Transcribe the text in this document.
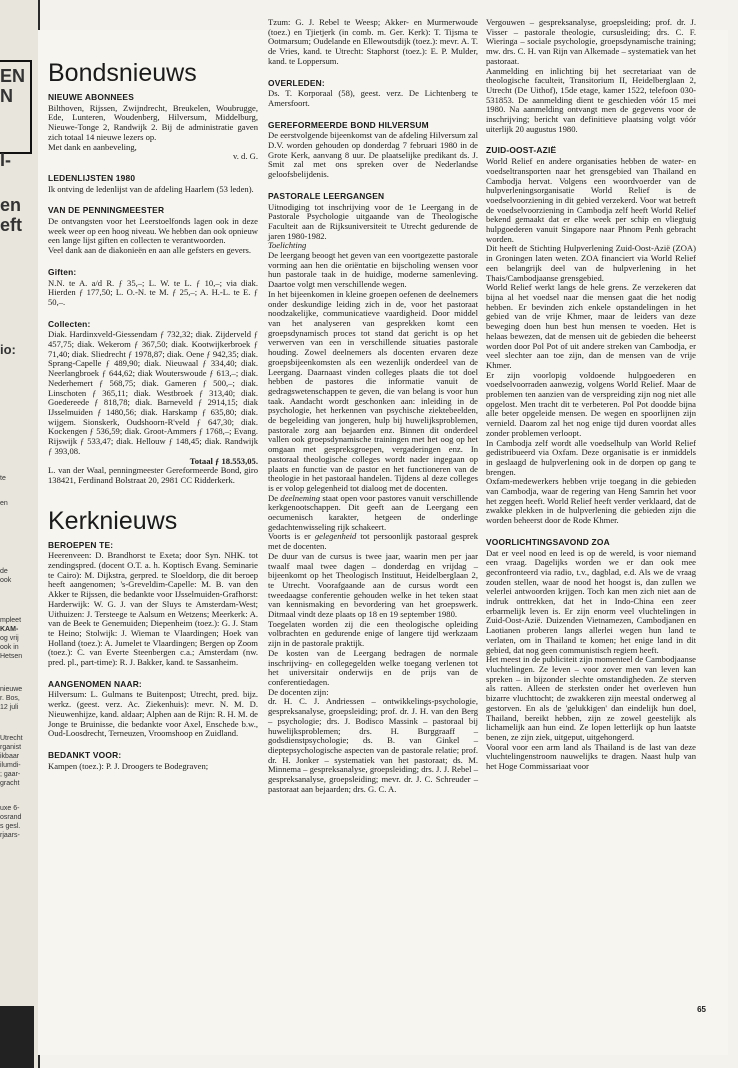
EN
N
I-
en
eft
io:
te
en
de
ook
mpleet
KAM-
og vrij
ook in
Hetsen
nieuwe
r. Bos,
12 juli
Utrecht
rganist
ikbaar
ilumdi-
; gaar-
gracht
uxe 6-
osrand
s gesl.
rjaars-
Bondsnieuws
NIEUWE ABONNEES

Bilthoven, Rijssen, Zwijndrecht, Breukelen, Woubrugge, Ede, Lunteren, Woudenberg, Hilversum, Middelburg, Nieuwe-Tonge 2, Randwijk 2. Bij de administratie gaven zich totaal 14 nieuwe lezers op.

Met dank en aanbeveling,

v. d. G.

LEDENLIJSTEN 1980

Ik ontving de ledenlijst van de afdeling Haarlem (53 leden).

VAN DE PENNINGMEESTER

De ontvangsten voor het Leerstoelfonds lagen ook in deze week weer op een hoog niveau. We hebben dan ook opnieuw een lange lijst giften en collecten te verantwoorden.

Veel dank aan de diakonieën en aan alle gefsters en gevers.

Giften:

N.N. te A. a/d R. ƒ 35,–; L. W. te L. ƒ 10,–; via diak. Hierden ƒ 177,50; L. O.-N. te M. ƒ 25,–; A. H.-L. te E. ƒ 50,–.

Collecten:

Diak. Hardinxveld-Giessendam ƒ 732,32; diak. Zijderveld ƒ 457,75; diak. Wekerom ƒ 367,50; diak. Kootwijkerbroek ƒ 71,40; diak. Sliedrecht ƒ 1978,87; diak. Oene ƒ 942,35; diak. Sprang-Capelle ƒ 489,90; diak. Nieuwaal ƒ 334,40; diak. Neerlangbroek ƒ 644,62; diak Wouterswoude ƒ 613,–; diak. Nederhemert ƒ 568,75; diak. Gameren ƒ 500,–; diak. Linschoten ƒ 365,11; diak. Westbroek ƒ 313,40; diak. Goedereede ƒ 818,78; diak. Barneveld ƒ 2914,15; diak IJsselmuiden ƒ 1480,56; diak. Harskamp ƒ 635,80; diak. wijgem. Sionskerk, Oudshoorn-R'veld ƒ 647,30; diak. Kockengen ƒ 536,59; diak. Groot-Ammers ƒ 1768,–; Evang. Rijswijk ƒ 533,47; diak. Hellouw ƒ 148,45; diak. Randwijk ƒ 393,08.

Totaal ƒ 18.553,05.

L. van der Waal, penningmeester Gereformeerde Bond, giro 138421, Ferdinand Bolstraat 20, 2981 CC Ridderkerk.

Kerknieuws
BEROEPEN TE:

Heerenveen: D. Brandhorst te Exeta; door Syn. NHK. tot zendingspred. (docent O.T. a. h. Koptisch Evang. Seminarie te Cairo): M. Dijkstra, gerpred. te Sloeldorp, die dit beroep heeft aangenomen; 's-Greveldim-Capelle: M. B. van den Akker te Rijssen, die bedankte voor IJsselmuiden-Grafhorst: Harderwijk: W. G. J. van der Sluys te Amsterdam-West; Uithuizen: J. Tersteege te Aalsum en Wetzens; Meerkerk: A. van de Beek te Genemuiden; Diepenheim (toez.): G. J. Stam te Heino; Stolwijk: J. Wieman te Vlaardingen; Hoek van Holland (toez.): A. Jumelet te Vlaardingen; Bergen op Zoom (toez.): C. van Everte Steenbergen c.a.; Amsterdam (nw. pred. pl., part-time): R. J. Bakker, kand. te Sassanheim.

AANGENOMEN NAAR:

Hilversum: L. Gulmans te Buitenpost; Utrecht, pred. bijz. werkz. (geest. verz. Ac. Ziekenhuis): mevr. N. M. D. Nieuwenhijze, kand. aldaar; Alphen aan de Rijn: R. H. M. de Jonge te Bruinisse, die bedankte voor Axel, Enschede b.w., Oud-Loosdrecht, Terneuzen, Vroomshoop en Zuidland.

BEDANKT VOOR:

Kampen (toez.): P. J. Droogers te Bodegraven;

Tzum: G. J. Rebel te Weesp; Akker- en Murmerwoude (toez.) en Tjietjerk (in comb. m. Ger. Kerk): T. Tijsma te Ootmarsum; Oudelande en Ellewoutsdijk (toez.): mevr. A. T. de Vries, kand. te Utrecht: Staphorst (toez.): E. P. Mulder, kand. te Loppersum.

OVERLEDEN:

Ds. T. Korporaal (58), geest. verz. De Lichtenberg te Amersfoort.

GEREFORMEERDE BOND HILVERSUM

De eerstvolgende bijeenkomst van de afdeling Hilversum zal D.V. worden gehouden op donderdag 7 februari 1980 in de Grote Kerk, aanvang 8 uur. De plaatselijke predikant ds. J. Smit zal met ons spreken over de Nederlandse geloofsbelijdenis.

PASTORALE LEERGANGEN

Uitnodiging tot inschrijving voor de 1e Leergang in de Pastorale Psychologie uitgaande van de Theologische Faculteit aan de Rijksuniversiteit te Utrecht gedurende de jaren 1980-1982.

Toelichting

De leergang beoogt het geven van een voortgezette pastorale vorming aan hen die oriëntatie en bijscholing wensen voor hun pastorale taak in de huidige, moderne samenleving. Daartoe volgt men verschillende wegen.

In het bijeenkomen in kleine groepen oefenen de deelnemers onder deskundige leiding zich in de, voor het pastoraat noodzakelijke, communicatieve vaardigheid. Door middel van het analyseren van gesprekken komt een groepsdynamisch proces tot stand dat gericht is op het verwerven van een in verschillende situaties pastorale houding. Zowel deelnemers als docenten ervaren deze groepsbijeenkomsten als een wezenlijk onderdeel van de Leergang. Daarnaast vinden colleges plaats die tot doel hebben de pastores die informatie vanuit de gedragswetenschappen te geven, die van belang is voor hun taak. Aandacht wordt geschonken aan: inleiding in de psychologie, het herkennen van psychische ziektebeelden, de begeleiding van jongeren, hulp bij huwelijksproblemen, pastorale zorg aan bejaarden enz. Binnen dit onderdeel vallen ook groepsdynamische trainingen met het oog op het omgaan met gespreksgroepen, vergaderingen enz. In pastoraal theologische colleges wordt nader ingegaan op plaats en functie van de pastor en het functioneren van de theologie in het pastoraal handelen. Tijdens al deze colleges is er volop gelegenheid tot dialoog met de docenten.

De deelneming staat open voor pastores vanuit verschillende kerkgenootschappen. Dit geeft aan de Leergang een oecumenisch karakter, hetgeen de onderlinge gedachtenwisseling rijk schakeert.

Voorts is er gelegenheid tot persoonlijk pastoraal gesprek met de docenten.

De duur van de cursus is twee jaar, waarin men per jaar twaalf maal twee dagen – donderdag en vrijdag – bijeenkomt op het Theologisch Instituut, Heidelberglaan 2, te Utrecht. Voorafgaande aan de cursus wordt een tweedaagse conferentie gehouden welke in het teken staat van kennismaking en bevordering van het groepswerk. Ditmaal vindt deze plaats op 18 en 19 september 1980.

Toegelaten worden zij die een theologische opleiding volbrachten en gedurende enige of langere tijd werkzaam zijn in de pastorale praktijk.

De kosten van de Leergang bedragen de normale inschrijving- en collegegelden welke toegang verlenen tot het universitair onderwijs en de prijs van de conferentiedagen.

De docenten zijn:

dr. H. C. J. Andriessen – ontwikkelings-psychologie, gespreksanalyse, groepsleiding; prof. dr. J. H. van den Berg – psychologie; drs. J. Bodisco Massink – pastoraal bij huwelijksproblemen; drs. H. Burggraaff – godsdienstpsychologie; ds. B. van Ginkel – dieptepsychologische aspecten van de pastorale relatie; prof. dr. H. Jonker – systematiek van het pastoraat; ds. M. Minnema – gespreksanalyse, groepsleiding; drs. J. J. Rebel – gespreksanalyse, groepsleiding; mevr. dr. J. C. Schreuder – pastoraat aan bejaarden; drs. G. C. A.

Vergouwen – gespreksanalyse, groepsleiding; prof. dr. J. Visser – pastorale theologie, cursusleiding; drs. C. F. Wieringa – sociale psychologie, groepsdynamische training; mw. drs. C. H. van Rijn van Alkemade – systematiek van het pastoraat.

Aanmelding en inlichting bij het secretariaat van de theologische faculteit, Transitorium II, Heidelberglaan 2, Utrecht (De Uithof), 15de etage, kamer 1522, telefoon 030-531853. De aanmelding dient te geschieden vóór 15 mei 1980. Na aanmelding ontvangt men de gegevens voor de inschrijving; bericht van definitieve plaatsing volgt vóór uiterlijk 20 augustus 1980.

ZUID-OOST-AZIË

World Relief en andere organisaties hebben de water- en voedseltransporten naar het grensgebied van Thailand en Cambodja hervat. Volgens een woordvoerder van de hulpverleningsorganisatie World Relief is de voedselvoorziening in dit gebied verzekerd. Voor wat betreft de voedselvoorziening in Cambodja zelf heeft World Relief bekend gemaakt dat er elke week per schip en vliegtuig hulpgoederen vanuit Singapore naar Phnom Penh gebracht worden.

Dit heeft de Stichting Hulpverlening Zuid-Oost-Azië (ZOA) in Groningen laten weten. ZOA financiert via World Relief een belangrijk deel van de hulpverlening in het Thais/Cambodjaanse grensgebied.

World Relief werkt langs de hele grens. Ze verzekeren dat bijna al het voedsel naar die mensen gaat die het nodig hebben. Er bevinden zich enkele opstandelingen in het gebied van de vrije Khmer, maar de leiders van deze beweging doen hun best hun mensen te voeden. Het is helaas bewezen, dat de mensen uit de gebieden die beheerst worden door Pol Pot of uit andere streken van Cambodja, er veel slechter aan toe zijn, dan de mensen van de vrije Khmer.

Er zijn voorlopig voldoende hulpgoederen en voedselvoorraden aanwezig, volgens World Relief. Maar de problemen ten aanzien van de verspreiding zijn nog niet alle opgelost. Men tracht dit te verbeteren. Pol Pot doodde bijna alle beter opgeleide mensen. De wegen en spoorlijnen zijn vernield. Daarom zal het nog enige tijd duren voordat alles zonder problemen verloopt.

In Cambodja zelf wordt alle voedselhulp van World Relief gedistribueerd via Oxfam. Deze organisatie is er inmiddels in geslaagd de hulpverlening ook in de dorpen op gang te brengen.

Oxfam-medewerkers hebben vrije toegang in die gebieden van Cambodja, waar de regering van Heng Samrin het voor het zeggen heeft. World Relief heeft verder verklaard, dat de zwakke plekken in de hulpverlening die gebieden zijn die worden beheerst door de Rode Khmer.

VOORLICHTINGSAVOND ZOA

Dat er veel nood en leed is op de wereld, is voor niemand een vraag. Dagelijks worden we er dan ook mee geconfronteerd via radio, t.v., dagblad, e.d. Als we de vraag zouden stellen, waar de nood het hoogst is, dan zullen we velerlei antwoorden krijgen. Toch kan men zich niet aan de indruk onttrekken, dat het in Indo-China een zeer erbarmelijk leven is. Er zijn enorm veel vluchtelingen in Zuid-Oost-Azië. Duizenden Vietnamezen, Cambodjanen en Laotianen proberen langs allerlei wegen hun land te verlaten, om in Thailand te komen; het enige land in dit gebied, dat nog geen communistisch regiem heeft.

Het meest in de publiciteit zijn momenteel de Cambodjaanse vluchtelingen. Ze leven – voor zover men van leven kan spreken – in bijzonder slechte omstandigheden. Ze sterven als ratten. Alleen de sterksten onder het overleven hun bizarre vluchttocht; de zwakkeren zijn meestal onderweg al gestorven. En als de 'gelukkigen' dan eindelijk hun doel, Thailand, bereikt hebben, zijn ze zowel geestelijk als lichamelijk aan hun eind. Ze lopen letterlijk op hun laatste benen, ze zijn ziek, uitgeput, uitgehongerd.

Vooral voor een arm land als Thailand is de last van deze vluchtelingenstroom nauwelijks te dragen. Naast hulp van het Hoge Commissariaat voor

65
